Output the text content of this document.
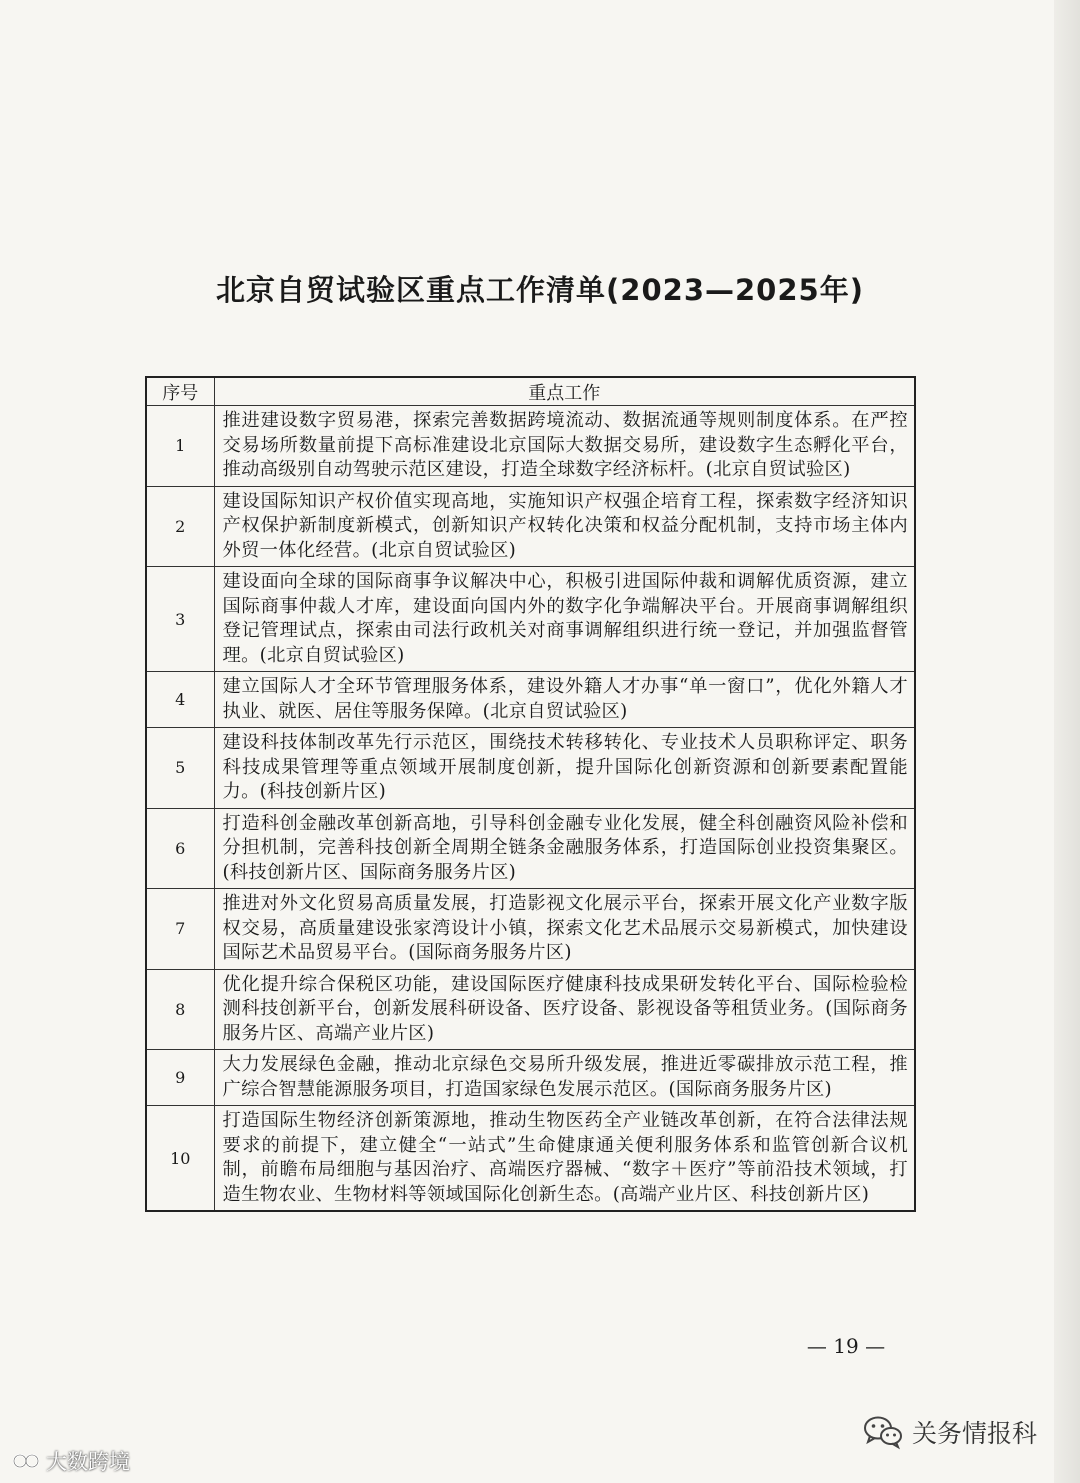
北京自贸试验区重点工作清单(2023—2025年)
序号	重点工作
1	推进建设数字贸易港，探索完善数据跨境流动、数据流通等规则制度体系。在严控交易场所数量前提下高标准建设北京国际大数据交易所，建设数字生态孵化平台，推动高级别自动驾驶示范区建设，打造全球数字经济标杆。(北京自贸试验区)
2	建设国际知识产权价值实现高地，实施知识产权强企培育工程，探索数字经济知识产权保护新制度新模式，创新知识产权转化决策和权益分配机制，支持市场主体内外贸一体化经营。(北京自贸试验区)
3	建设面向全球的国际商事争议解决中心，积极引进国际仲裁和调解优质资源，建立国际商事仲裁人才库，建设面向国内外的数字化争端解决平台。开展商事调解组织登记管理试点，探索由司法行政机关对商事调解组织进行统一登记，并加强监督管理。(北京自贸试验区)
4	建立国际人才全环节管理服务体系，建设外籍人才办事“单一窗口”，优化外籍人才执业、就医、居住等服务保障。(北京自贸试验区)
5	建设科技体制改革先行示范区，围绕技术转移转化、专业技术人员职称评定、职务科技成果管理等重点领域开展制度创新，提升国际化创新资源和创新要素配置能力。(科技创新片区)
6	打造科创金融改革创新高地，引导科创金融专业化发展，健全科创融资风险补偿和分担机制，完善科技创新全周期全链条金融服务体系，打造国际创业投资集聚区。(科技创新片区、国际商务服务片区)
7	推进对外文化贸易高质量发展，打造影视文化展示平台，探索开展文化产业数字版权交易，高质量建设张家湾设计小镇，探索文化艺术品展示交易新模式，加快建设国际艺术品贸易平台。(国际商务服务片区)
8	优化提升综合保税区功能，建设国际医疗健康科技成果研发转化平台、国际检验检测科技创新平台，创新发展科研设备、医疗设备、影视设备等租赁业务。(国际商务服务片区、高端产业片区)
9	大力发展绿色金融，推动北京绿色交易所升级发展，推进近零碳排放示范工程，推广综合智慧能源服务项目，打造国家绿色发展示范区。(国际商务服务片区)
10	打造国际生物经济创新策源地，推动生物医药全产业链改革创新，在符合法律法规要求的前提下，建立健全“一站式”生命健康通关便利服务体系和监管创新合议机制，前瞻布局细胞与基因治疗、高端医疗器械、“数字＋医疗”等前沿技术领域，打造生物农业、生物材料等领域国际化创新生态。(高端产业片区、科技创新片区)
— 19 —
大数跨境
关务情报科
